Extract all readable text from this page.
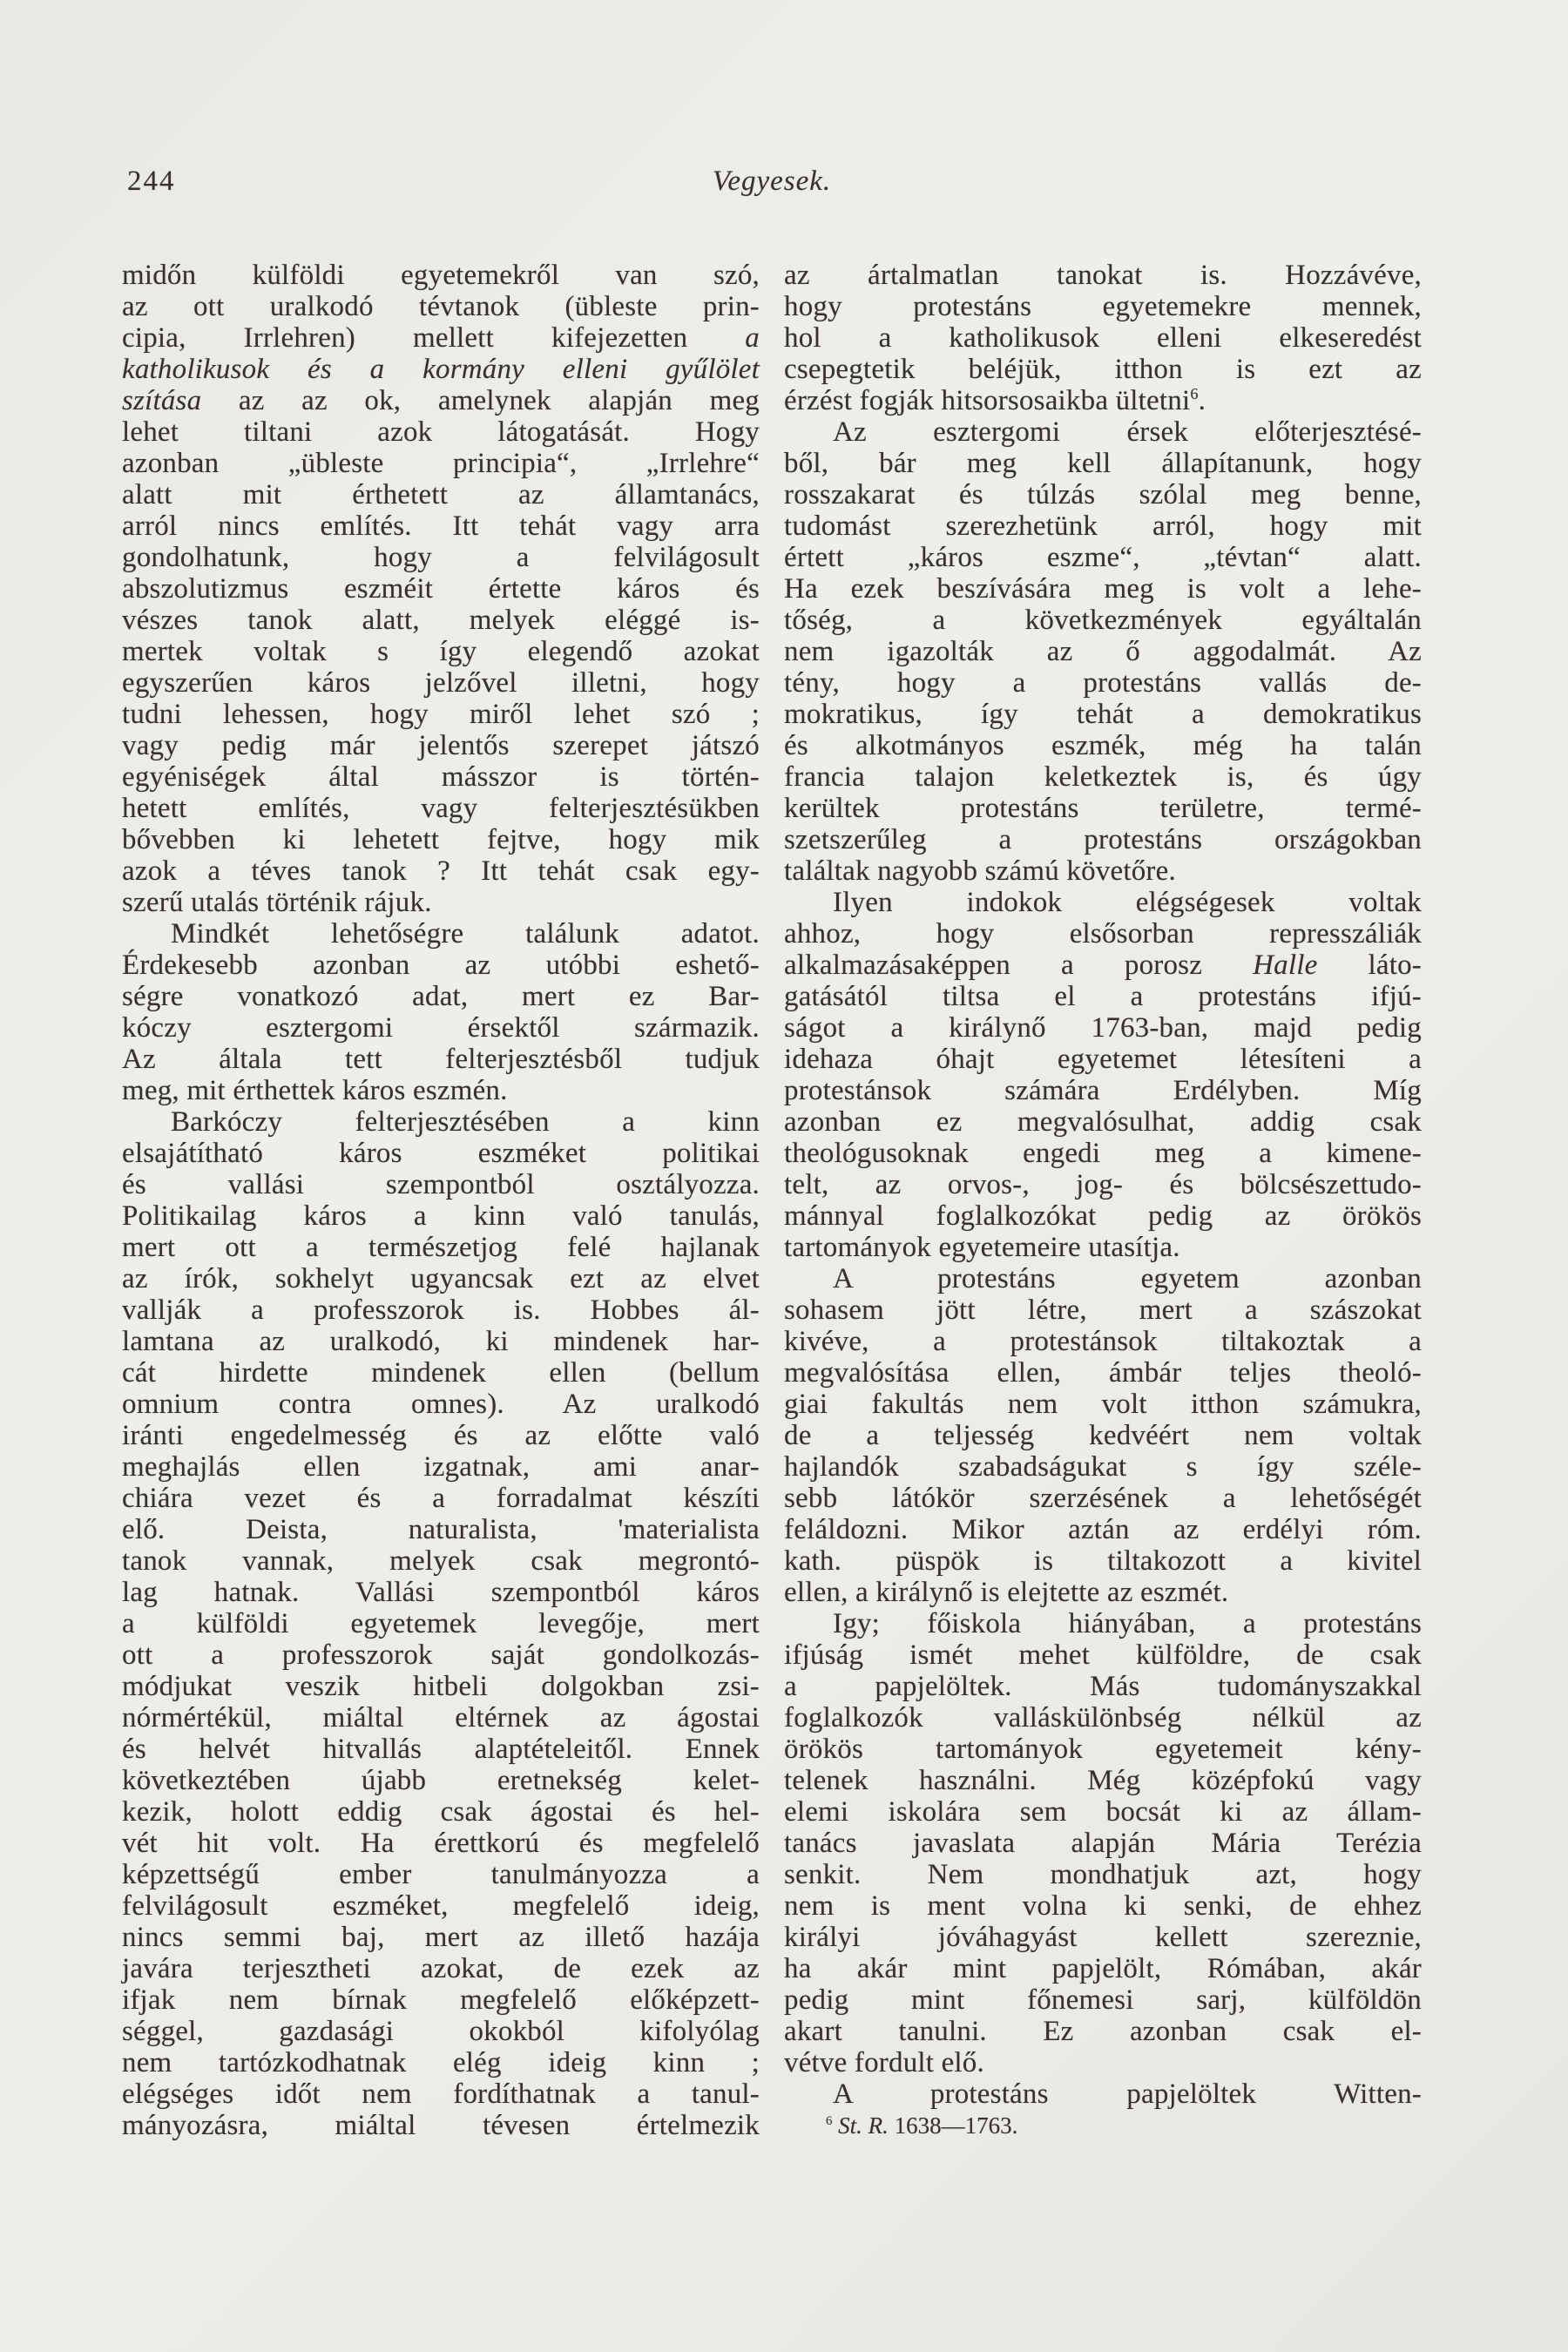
244	Vegyesek.
midőn külföldi egyetemekről van szó,
az ott uralkodó tévtanok (übleste prin-
cipia, Irrlehren) mellett kifejezetten a
katholikusok és a kormány elleni gyűlölet
szítása az az ok, amelynek alapján meg
lehet tiltani azok látogatását. Hogy
azonban „übleste principia“, „Irrlehre“
alatt mit érthetett az államtanács,
arról nincs említés. Itt tehát vagy arra
gondolhatunk, hogy a felvilágosult
abszolutizmus eszméit értette káros és
vészes tanok alatt, melyek eléggé is-
mertek voltak s így elegendő azokat
egyszerűen káros jelzővel illetni, hogy
tudni lehessen, hogy miről lehet szó ;
vagy pedig már jelentős szerepet játszó
egyéniségek által másszor is történ-
hetett említés, vagy felterjesztésükben
bővebben ki lehetett fejtve, hogy mik
azok a téves tanok ? Itt tehát csak egy-
szerű utalás történik rájuk.
Mindkét lehetőségre találunk adatot.
Érdekesebb azonban az utóbbi eshető-
ségre vonatkozó adat, mert ez Bar-
kóczy esztergomi érsektől származik.
Az általa tett felterjesztésből tudjuk
meg, mit érthettek káros eszmén.
Barkóczy felterjesztésében a kinn
elsajátítható káros eszméket politikai
és vallási szempontból osztályozza.
Politikailag káros a kinn való tanulás,
mert ott a természetjog felé hajlanak
az írók, sokhelyt ugyancsak ezt az elvet
vallják a professzorok is. Hobbes ál-
lamtana az uralkodó, ki mindenek har-
cát hirdette mindenek ellen (bellum
omnium contra omnes). Az uralkodó
iránti engedelmesség és az előtte való
meghajlás ellen izgatnak, ami anar-
chiára vezet és a forradalmat készíti
elő. Deista, naturalista, 'materialista
tanok vannak, melyek csak megrontó-
lag hatnak. Vallási szempontból káros
a külföldi egyetemek levegője, mert
ott a professzorok saját gondolkozás-
módjukat veszik hitbeli dolgokban zsi-
nórmértékül, miáltal eltérnek az ágostai
és helvét hitvallás alaptételeitől. Ennek
következtében újabb eretnekség kelet-
kezik, holott eddig csak ágostai és hel-
vét hit volt. Ha érettkorú és megfelelő
képzettségű ember tanulmányozza a
felvilágosult eszméket, megfelelő ideig,
nincs semmi baj, mert az illető hazája
javára terjesztheti azokat, de ezek az
ifjak nem bírnak megfelelő előképzett-
séggel, gazdasági okokból kifolyólag
nem tartózkodhatnak elég ideig kinn ;
elégséges időt nem fordíthatnak a tanul-
mányozásra, miáltal tévesen értelmezik
az ártalmatlan tanokat is. Hozzávéve,
hogy protestáns egyetemekre mennek,
hol a katholikusok elleni elkeseredést
csepegtetik beléjük, itthon is ezt az
érzést fogják hitsorsosaikba ültetni$^6$.
Az esztergomi érsek előterjesztésé-
ből, bár meg kell állapítanunk, hogy
rosszakarat és túlzás szólal meg benne,
tudomást szerezhetünk arról, hogy mit
értett „káros eszme“, „tévtan“ alatt.
Ha ezek beszívására meg is volt a lehe-
tőség, a következmények egyáltalán
nem igazolták az ő aggodalmát. Az
tény, hogy a protestáns vallás de-
mokratikus, így tehát a demokratikus
és alkotmányos eszmék, még ha talán
francia talajon keletkeztek is, és úgy
kerültek protestáns területre, termé-
szetszerűleg a protestáns országokban
találtak nagyobb számú követőre.
Ilyen indokok elégségesek voltak
ahhoz, hogy elsősorban represszáliák
alkalmazásaképpen a porosz Halle láto-
gatásától tiltsa el a protestáns ifjú-
ságot a királynő 1763-ban, majd pedig
idehaza óhajt egyetemet létesíteni a
protestánsok számára Erdélyben. Míg
azonban ez megvalósulhat, addig csak
theológusoknak engedi meg a kimene-
telt, az orvos-, jog- és bölcsészettudo-
mánnyal foglalkozókat pedig az örökös
tartományok egyetemeire utasítja.
A protestáns egyetem azonban
sohasem jött létre, mert a szászokat
kivéve, a protestánsok tiltakoztak a
megvalósítása ellen, ámbár teljes theoló-
giai fakultás nem volt itthon számukra,
de a teljesség kedvéért nem voltak
hajlandók szabadságukat s így széle-
sebb látókör szerzésének a lehetőségét
feláldozni. Mikor aztán az erdélyi róm.
kath. püspök is tiltakozott a kivitel
ellen, a királynő is elejtette az eszmét.
Igy; főiskola hiányában, a protestáns
ifjúság ismét mehet külföldre, de csak
a papjelöltek. Más tudományszakkal
foglalkozók valláskülönbség nélkül az
örökös tartományok egyetemeit kény-
telenek használni. Még középfokú vagy
elemi iskolára sem bocsát ki az állam-
tanács javaslata alapján Mária Terézia
senkit. Nem mondhatjuk azt, hogy
nem is ment volna ki senki, de ehhez
királyi jóváhagyást kellett szereznie,
ha akár mint papjelölt, Rómában, akár
pedig mint főnemesi sarj, külföldön
akart tanulni. Ez azonban csak el-
vétve fordult elő.
A protestáns papjelöltek Witten-
$^6$ St. R. 1638—1763.
